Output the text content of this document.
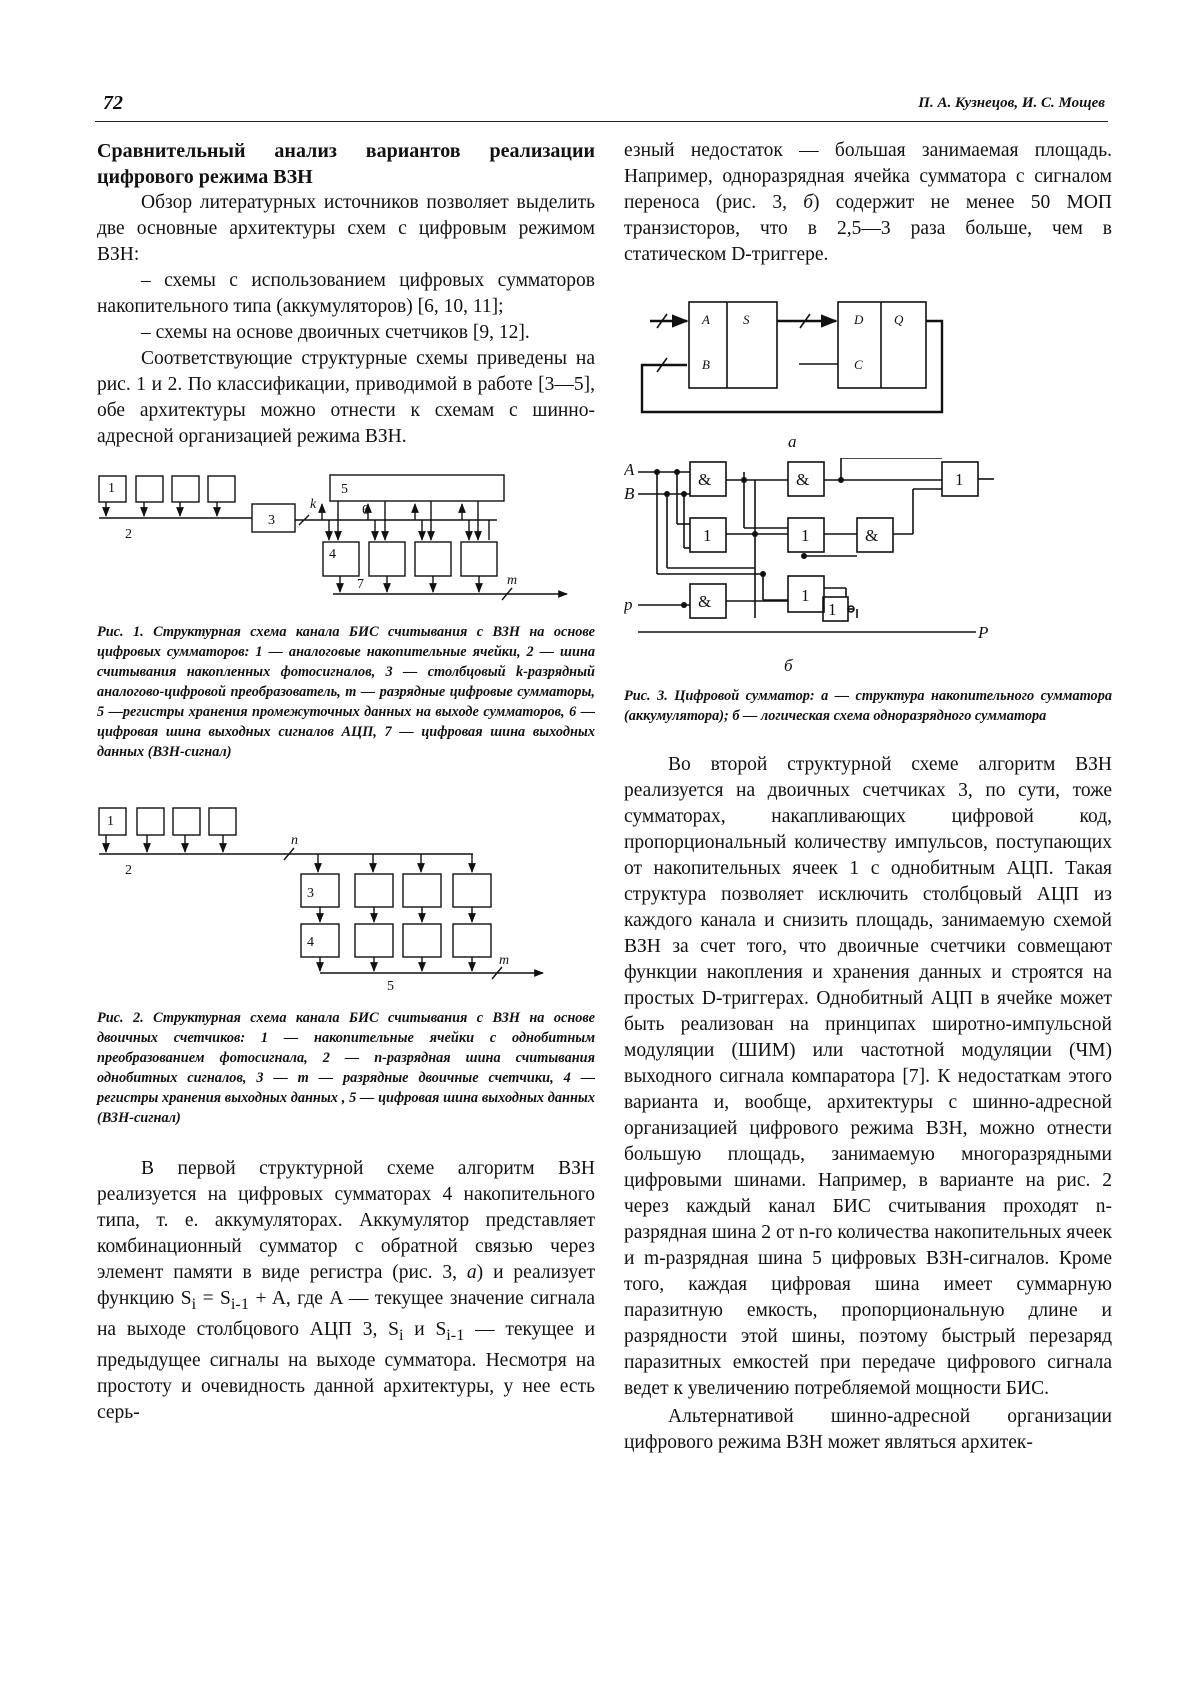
72	П. А. Кузнецов, И. С. Мощев

Сравнительный анализ вариантов реализации цифрового режима ВЗН

Обзор литературных источников позволяет выделить две основные архитектуры схем с цифровым режимом ВЗН:

– схемы с использованием цифровых сумматоров накопительного типа (аккумуляторов) [6, 10, 11];

– схемы на основе двоичных счетчиков [9, 12].

Соответствующие структурные схемы приведены на рис. 1 и 2. По классификации, приводимой в работе [3—5], обе архитектуры можно отнести к схемам с шинно-адресной организацией режима ВЗН.

1
2
3
4
5
6
7
k
m

Рис. 1. Структурная схема канала БИС считывания с ВЗН на основе цифровых сумматоров: 1 — аналоговые накопительные ячейки, 2 — шина считывания накопленных фотосигналов, 3 — столбцовый k-разрядный аналогово-цифровой преобразователь, m — разрядные цифровые сумматоры, 5 —регистры хранения промежуточных данных на выходе сумматоров, 6 — цифровая шина выходных сигналов АЦП, 7 — цифровая шина выходных данных (ВЗН-сигнал)

1
2
3
4
5
n
m

Рис. 2. Структурная схема канала БИС считывания с ВЗН на основе двоичных счетчиков: 1 — накопительные ячейки с однобитным преобразованием фотосигнала, 2 — n-разрядная шина считывания однобитных сигналов, 3 — m — разрядные двоичные счетчики, 4 — регистры хранения выходных данных , 5 — цифровая шина выходных данных (ВЗН-сигнал)

В первой структурной схеме алгоритм ВЗН реализуется на цифровых сумматорах 4 накопительного типа, т. е. аккумуляторах. Аккумулятор представляет комбинационный сумматор с обратной связью через элемент памяти в виде регистра (рис. 3, а) и реализует функцию $S_i = S_{i-1} + A$, где A — текущее значение сигнала на выходе столбцового АЦП 3, $S_i$ и $S_{i-1}$ — текущее и предыдущее сигналы на выходе сумматора. Несмотря на простоту и очевидность данной архитектуры, у нее есть серь-

езный недостаток — большая занимаемая площадь. Например, одноразрядная ячейка сумматора с сигналом переноса (рис. 3, б) содержит не менее 50 МОП транзисторов, что в 2,5—3 раза больше, чем в статическом D-триггере.

A	S
B
D Q
C
а
A
B
p
P
&
1
&
&
1
1
&
1
1
б

Рис. 3. Цифровой сумматор: а — структура накопительного сумматора (аккумулятора); б — логическая схема одноразрядного сумматора

Во второй структурной схеме алгоритм ВЗН реализуется на двоичных счетчиках 3, по сути, тоже сумматорах, накапливающих цифровой код, пропорциональный количеству импульсов, поступающих от накопительных ячеек 1 с однобитным АЦП. Такая структура позволяет исключить столбцовый АЦП из каждого канала и снизить площадь, занимаемую схемой ВЗН за счет того, что двоичные счетчики совмещают функции накопления и хранения данных и строятся на простых D-триггерах. Однобитный АЦП в ячейке может быть реализован на принципах широтно-импульсной модуляции (ШИМ) или частотной модуляции (ЧМ) выходного сигнала компаратора [7]. К недостаткам этого варианта и, вообще, архитектуры с шинно-адресной организацией цифрового режима ВЗН, можно отнести большую площадь, занимаемую многоразрядными цифровыми шинами. Например, в варианте на рис. 2 через каждый канал БИС считывания проходят n-разрядная шина 2 от n-го количества накопительных ячеек и m-разрядная шина 5 цифровых ВЗН-сигналов. Кроме того, каждая цифровая шина имеет суммарную паразитную емкость, пропорциональную длине и разрядности этой шины, поэтому быстрый перезаряд паразитных емкостей при передаче цифрового сигнала ведет к увеличению потребляемой мощности БИС.

Альтернативой шинно-адресной организации цифрового режима ВЗН может являться архитек-
